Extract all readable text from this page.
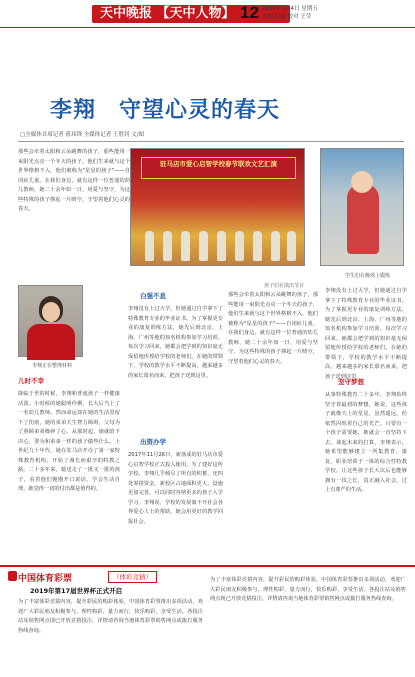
天中晚报 【天中人物】 12 2019年1月4日 星期五
责编 何涵 校对 王莹
李翔　守望心灵的春天
□全媒体首席记者 蒋玮锋 全媒体记者 王胜钊 文/图
那些会牵着太阳和云朵跳舞的孩子，那些能用一束阳光点亮一个冬天的孩子，他们生来就与这个世界格格不入，他们被称为"星星的孩子"——自闭症儿童。在我们身边，就有这样一位普通的幼儿教师，她二十余年如一日，用爱与坚守，为这些特殊的孩子撑起一片晴空，守望着他们心灵的春天。
驻马店市爱心启智学校春节联欢文艺汇演
孩子们在演出节目
学生们在操场上锻炼
李翔正在整理材料
儿时不幸
降临于世的时候，李翔和普通孩子一样健康活泼。小时候的她聪明伶俐，长大后当上了一名幼儿教师。然而命运却在她的生活里留下了伤痕，她的弟弟天生智力障碍，父母为了照顾弟弟操碎了心。从那时起，她就暗下决心，要为和弟弟一样的孩子做些什么。上世纪九十年代，她在驻马店开办了第一家特殊教育机构，开始了漫长而艰辛的特教之路。二十多年来，她送走了一批又一批的孩子，看着他们慢慢开口说话、学会生活自理，她觉得一切的付出都是值得的。
白强不息
李翔没有上过大学，但她通过自学拿下了特殊教育专业的毕业证书。为了掌握更专业的康复训练方法，她先后到北京、上海、广州等地的知名机构参加学习培训。每次学习回来，她都会把学到的知识毫无保留地传授给学校的老师们。在她的带领下，学校的教学水平不断提高，越来越多的家长慕名而来，把孩子送到这里。
出资办学
2017年11月26日，新落成的驻马店市爱心启智学校正式投入使用。为了建好这所学校，李翔几乎倾尽了所有的积蓄，还四处筹措资金。新校区占地面积更大，设施更加完善，可以同时容纳更多的孩子入学学习。李翔说，学校的发展离不开社会各界爱心人士的帮助，她会用更好的教学回报社会。
那些会牵着太阳和云朵跳舞的孩子，那些能用一束阳光点亮一个冬天的孩子，他们生来就与这个世界格格不入，他们被称为"星星的孩子"——自闭症儿童。在我们身边，就有这样一位普通的幼儿教师，她二十余年如一日，用爱与坚守，为这些特殊的孩子撑起一片晴空，守望着他们心灵的春天。
李翔没有上过大学，但她通过自学拿下了特殊教育专业的毕业证书。为了掌握更专业的康复训练方法，她先后到北京、上海、广州等地的知名机构参加学习培训。每次学习回来，她都会把学到的知识毫无保留地传授给学校的老师们。在她的带领下，学校的教学水平不断提高，越来越多的家长慕名而来，把孩子送到这里。
坚守梦想
从事特殊教育二十多年，李翔始终坚守着最初的梦想。她说，这些孩子就像天上的星星，虽然遥远，但依然闪烁着自己的光芒。只要有一个孩子需要她，她就会一直坚持下去。谈起未来的打算，李翔表示，她希望能够建立一所集教育、康复、职业培训于一体的综合性特教学校，让这些孩子长大以后也能够拥有一技之长，真正融入社会，过上有尊严的生活。
中国体育彩票	（体彩竞猜）
2019年第17届世界杯正式开启
为了丰富体彩竞猜内容，提升彩民的购彩体验，中国体育彩票推出多项活动，欢迎广大彩民朋友积极参与。理性购彩，量力而行，快乐购彩，享受生活。各投注站及销售网点现已开放竞猜投注，详情请咨询当地体育彩票销售网点或拨打服务热线查询。
为了丰富体彩竞猜内容，提升彩民的购彩体验，中国体育彩票推出多项活动，欢迎广大彩民朋友积极参与。理性购彩，量力而行，快乐购彩，享受生活。各投注站及销售网点现已开放竞猜投注，详情请咨询当地体育彩票销售网点或拨打服务热线查询。
